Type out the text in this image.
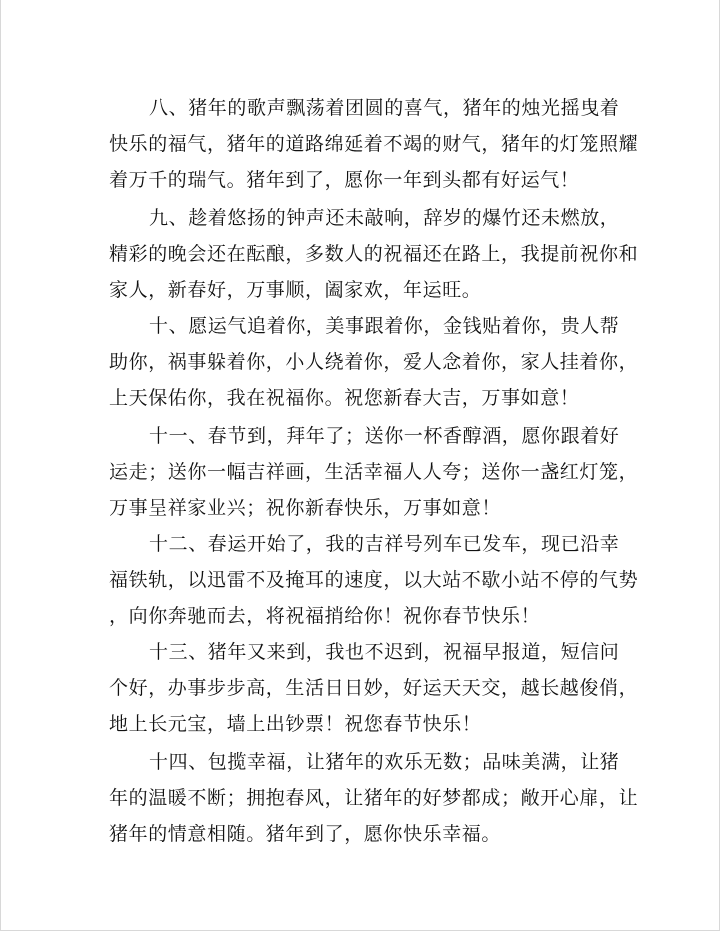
八、猪年的歌声飘荡着团圆的喜气，猪年的烛光摇曳着
快乐的福气，猪年的道路绵延着不竭的财气，猪年的灯笼照耀
着万千的瑞气。猪年到了，愿你一年到头都有好运气！
九、趁着悠扬的钟声还未敲响，辞岁的爆竹还未燃放，
精彩的晚会还在酝酿，多数人的祝福还在路上，我提前祝你和
家人，新春好，万事顺，阖家欢，年运旺。
十、愿运气追着你，美事跟着你，金钱贴着你，贵人帮
助你，祸事躲着你，小人绕着你，爱人念着你，家人挂着你，
上天保佑你，我在祝福你。祝您新春大吉，万事如意！
十一、春节到，拜年了；送你一杯香醇酒，愿你跟着好
运走；送你一幅吉祥画，生活幸福人人夸；送你一盏红灯笼，
万事呈祥家业兴；祝你新春快乐，万事如意！
十二、春运开始了，我的吉祥号列车已发车，现已沿幸
福铁轨，以迅雷不及掩耳的速度，以大站不歇小站不停的气势
，向你奔驰而去，将祝福捎给你！祝你春节快乐！
十三、猪年又来到，我也不迟到，祝福早报道，短信问
个好，办事步步高，生活日日妙，好运天天交，越长越俊俏，
地上长元宝，墙上出钞票！祝您春节快乐！
十四、包揽幸福，让猪年的欢乐无数；品味美满，让猪
年的温暖不断；拥抱春风，让猪年的好梦都成；敞开心扉，让
猪年的情意相随。猪年到了，愿你快乐幸福。
